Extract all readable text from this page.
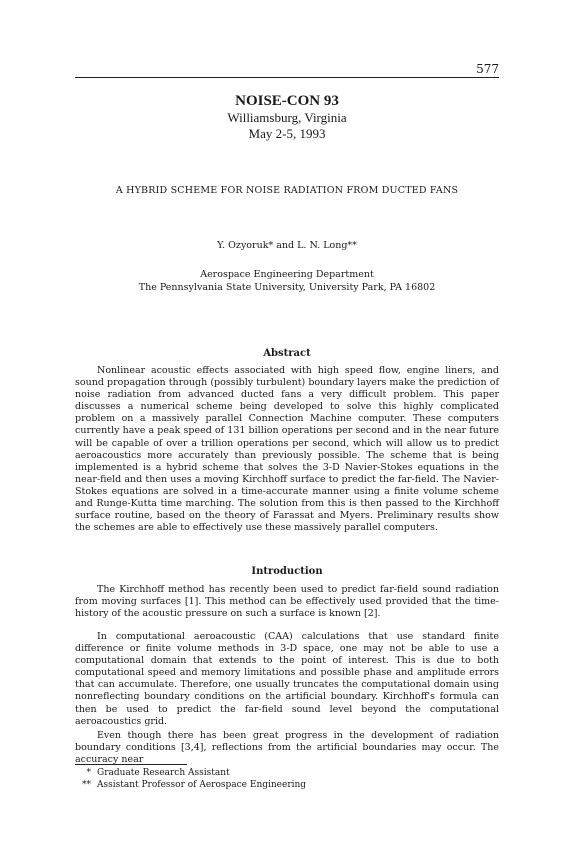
577
NOISE-CON 93
Williamsburg, Virginia
May 2-5, 1993
A HYBRID SCHEME FOR NOISE RADIATION FROM DUCTED FANS
Y. Ozyoruk* and L. N. Long**
Aerospace Engineering Department
The Pennsylvania State University, University Park, PA 16802
Abstract

Nonlinear acoustic effects associated with high speed flow, engine liners, and sound propagation through (possibly turbulent) boundary layers make the prediction of noise radiation from advanced ducted fans a very difficult problem. This paper discusses a numerical scheme being developed to solve this highly complicated problem on a massively parallel Connection Machine computer. These computers currently have a peak speed of 131 billion operations per second and in the near future will be capable of over a trillion operations per second, which will allow us to predict aeroacoustics more accurately than previously possible. The scheme that is being implemented is a hybrid scheme that solves the 3-D Navier-Stokes equations in the near-field and then uses a moving Kirchhoff surface to predict the far-field. The Navier-Stokes equations are solved in a time-accurate manner using a finite volume scheme and Runge-Kutta time marching. The solution from this is then passed to the Kirchhoff surface routine, based on the theory of Farassat and Myers. Preliminary results show the schemes are able to effectively use these massively parallel computers.

Introduction

The Kirchhoff method has recently been used to predict far-field sound radiation from moving surfaces [1]. This method can be effectively used provided that the time-history of the acoustic pressure on such a surface is known [2].

In computational aeroacoustic (CAA) calculations that use standard finite difference or finite volume methods in 3-D space, one may not be able to use a computational domain that extends to the point of interest. This is due to both computational speed and memory limitations and possible phase and amplitude errors that can accumulate. Therefore, one usually truncates the computational domain using nonreflecting boundary conditions on the artificial boundary. Kirchhoff's formula can then be used to predict the far-field sound level beyond the computational aeroacoustics grid.

Even though there has been great progress in the development of radiation boundary conditions [3,4], reflections from the artificial boundaries may occur. The accuracy near

* Graduate Research Assistant

** Assistant Professor of Aerospace Engineering
